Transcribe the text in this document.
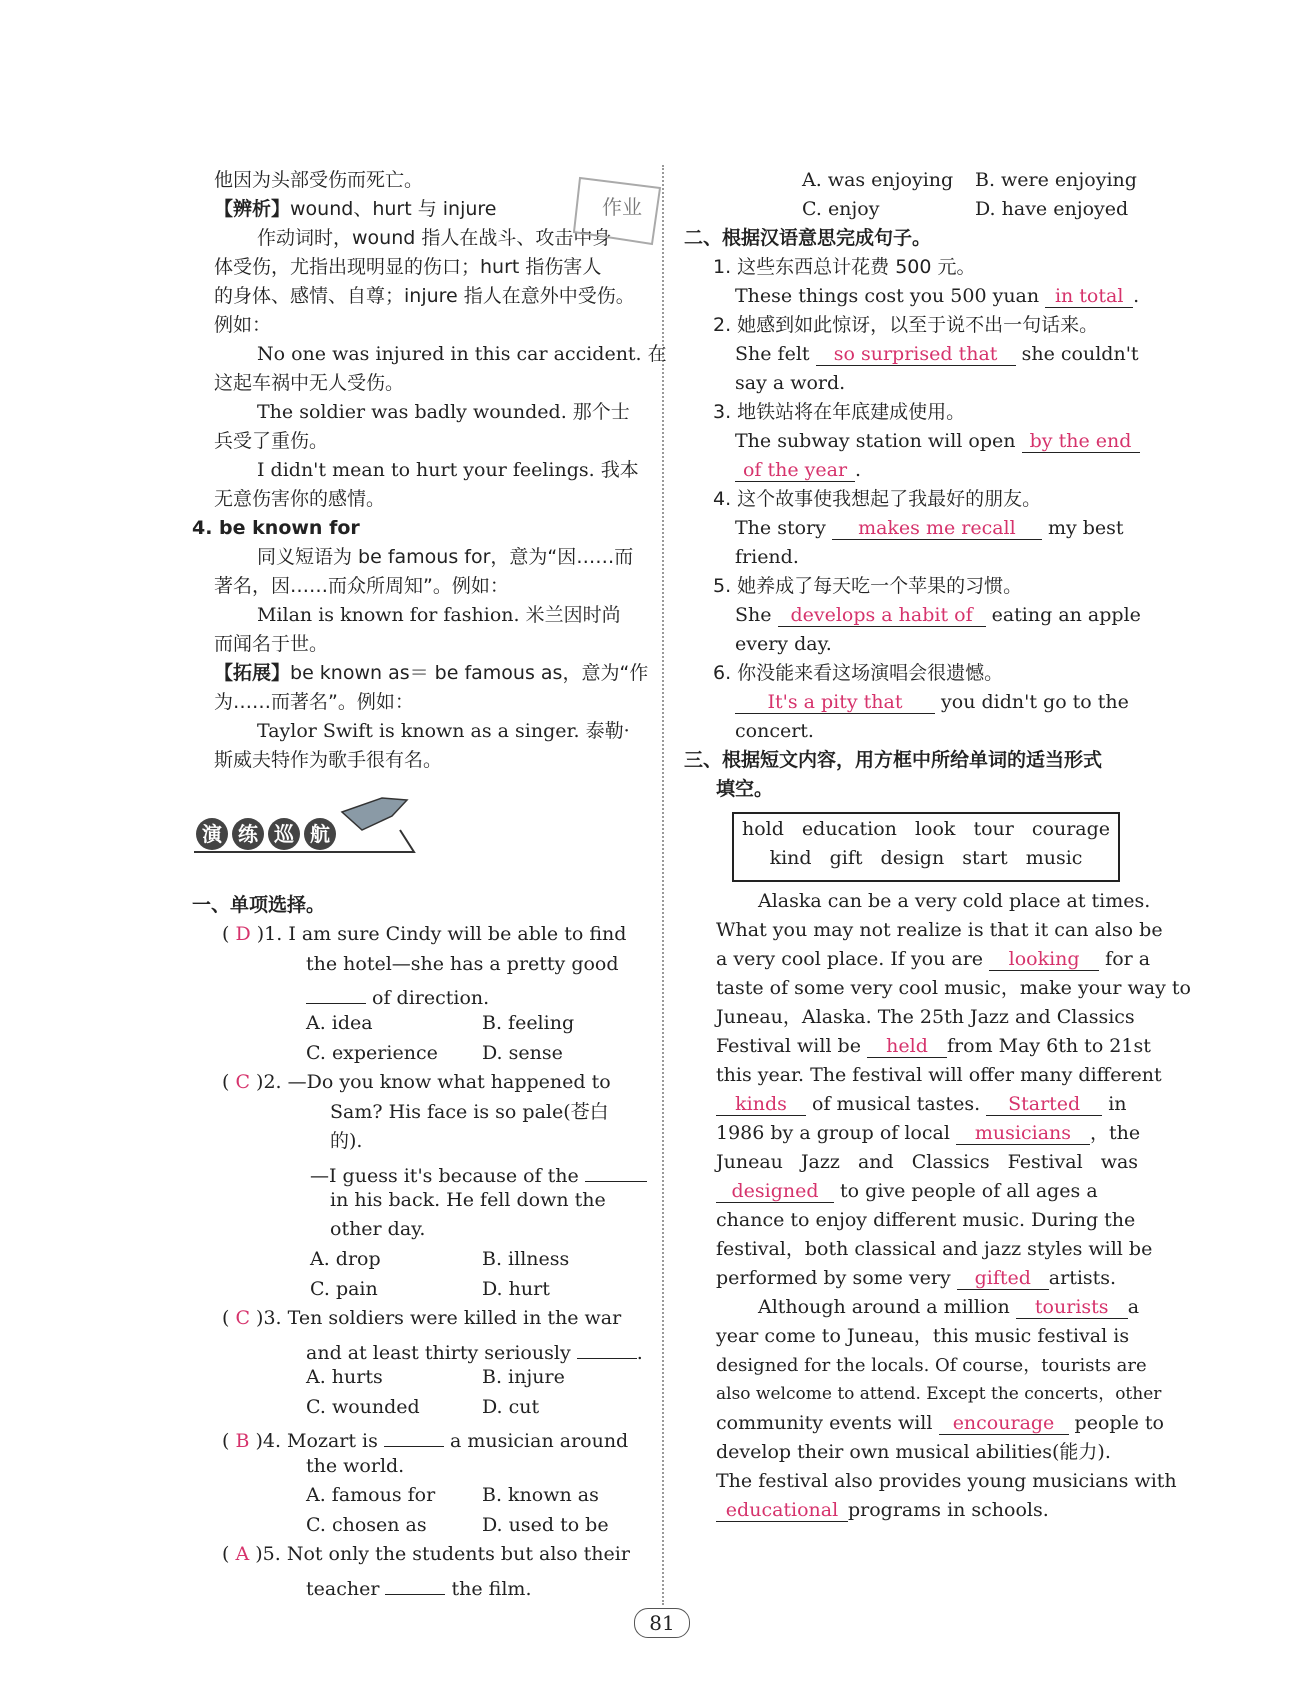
他因为头部受伤而死亡。
【辨析】wound、hurt 与 injure
作动词时，wound 指人在战斗、攻击中身
体受伤，尤指出现明显的伤口；hurt 指伤害人
的身体、感情、自尊；injure 指人在意外中受伤。
例如：
No one was injured in this car accident. 在
这起车祸中无人受伤。
The soldier was badly wounded. 那个士
兵受了重伤。
I didn't mean to hurt your feelings. 我本
无意伤害你的感情。
4. be known for
同义短语为 be famous for，意为“因……而
著名，因……而众所周知”。例如：
Milan is known for fashion. 米兰因时尚
而闻名于世。
【拓展】be known as＝ be famous as，意为“作
为……而著名”。例如：
Taylor Swift is known as a singer. 泰勒·
斯威夫特作为歌手很有名。
演 练 巡 航
一、单项选择。
( D )1. I am sure Cindy will be able to find
the hotel—she has a pretty good
of direction.
A. idea	B. feeling
C. experience D. sense
( C )2. —Do you know what happened to
Sam? His face is so pale(苍白
的).
—I guess it's because of the
in his back. He fell down the
other day.
A. drop	B. illness
C. pain	D. hurt
( C )3. Ten soldiers were killed in the war
and at least thirty seriously	.
A. hurts	B. injure
C. wounded	D. cut
( B )4. Mozart is	a musician around
the world.
A. famous for B. known as
C. chosen as	D. used to be
( A )5. Not only the students but also their
teacher	the film.
A. was enjoying B. were enjoying
C. enjoy	D. have enjoyed
二、根据汉语意思完成句子。
1. 这些东西总计花费 500 元。
These things cost you 500 yuan in total .
2. 她感到如此惊讶，以至于说不出一句话来。
She felt so surprised that she couldn't
say a word.
3. 地铁站将在年底建成使用。
The subway station will open by the end
of the year .
4. 这个故事使我想起了我最好的朋友。
The story makes me recall my best
friend.
5. 她养成了每天吃一个苹果的习惯。
She develops a habit of eating an apple
every day.
6. 你没能来看这场演唱会很遗憾。
It's a pity that you didn't go to the
concert.
三、根据短文内容，用方框中所给单词的适当形式
填空。
hold education look tour courage
kind gift design start music
Alaska can be a very cold place at times.
What you may not realize is that it can also be
a very cool place. If you are looking for a
taste of some very cool music，make your way to
Juneau，Alaska. The 25th Jazz and Classics
Festival will be held from May 6th to 21st
this year. The festival will offer many different
kinds of musical tastes. Started in
1986 by a group of local musicians ，the
Juneau Jazz and Classics Festival was
designed to give people of all ages a
chance to enjoy different music. During the
festival，both classical and jazz styles will be
performed by some very gifted artists.
Although around a million tourists a
year come to Juneau，this music festival is
designed for the locals. Of course，tourists are
also welcome to attend. Except the concerts，other
community events will encourage people to
develop their own musical abilities(能力).
The festival also provides young musicians with
educational programs in schools.
作业
81
